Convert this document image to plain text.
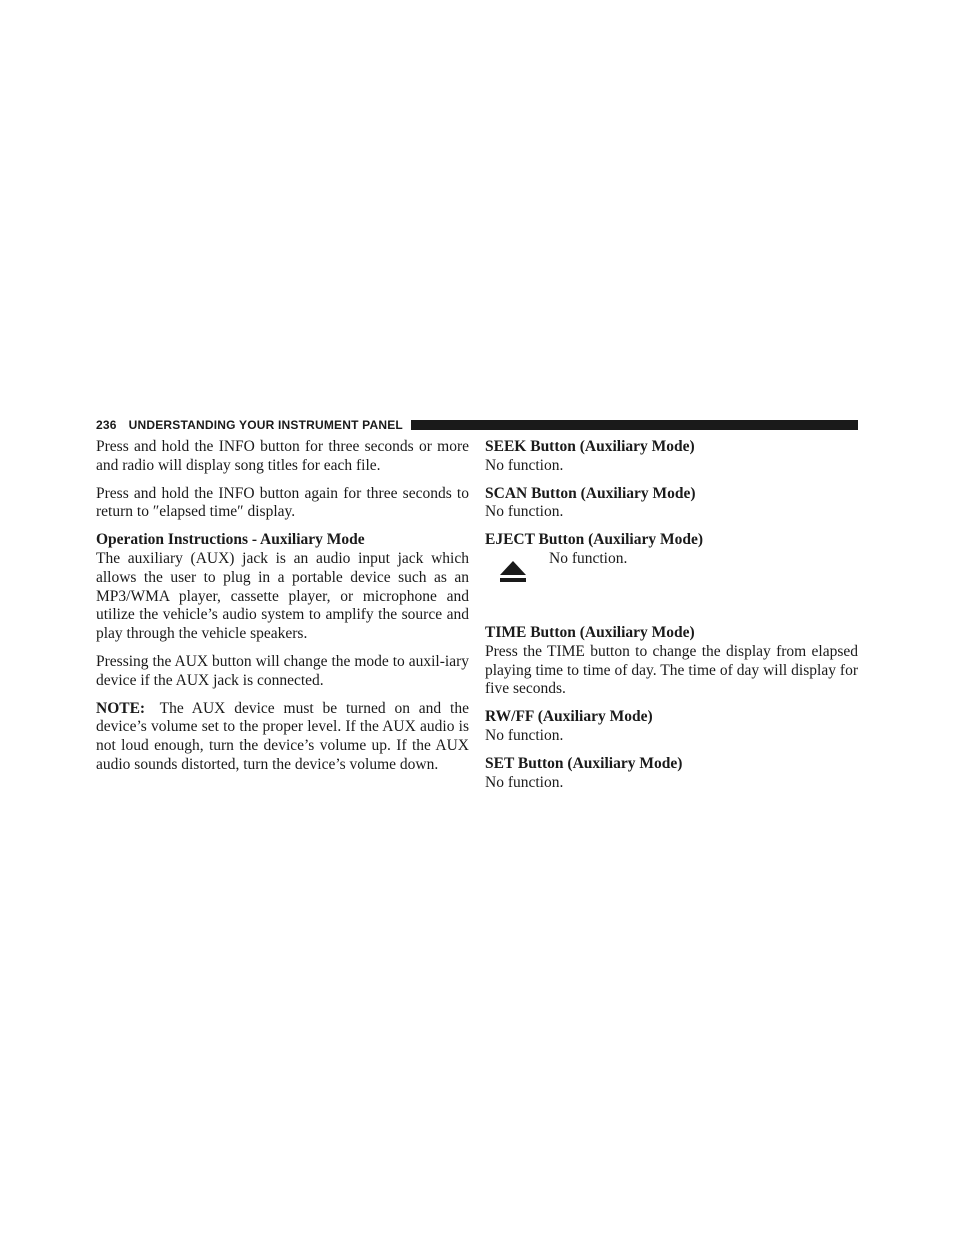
236 UNDERSTANDING YOUR INSTRUMENT PANEL

Press and hold the INFO button for three seconds or more and radio will display song titles for each file.

Press and hold the INFO button again for three seconds to return to ″elapsed time″ display.

Operation Instructions - Auxiliary Mode

The auxiliary (AUX) jack is an audio input jack which allows the user to plug in a portable device such as an MP3/WMA player, cassette player, or microphone and utilize the vehicle’s audio system to amplify the source and play through the vehicle speakers.

Pressing the AUX button will change the mode to auxil-iary device if the AUX jack is connected.

NOTE: The AUX device must be turned on and the device’s volume set to the proper level. If the AUX audio is not loud enough, turn the device’s volume up. If the AUX audio sounds distorted, turn the device’s volume down.

SEEK Button (Auxiliary Mode)
No function.
SCAN Button (Auxiliary Mode)
No function.
EJECT Button (Auxiliary Mode)
No function.
TIME Button (Auxiliary Mode)

Press the TIME button to change the display from elapsed playing time to time of day. The time of day will display for five seconds.

RW/FF (Auxiliary Mode)
No function.
SET Button (Auxiliary Mode)
No function.
